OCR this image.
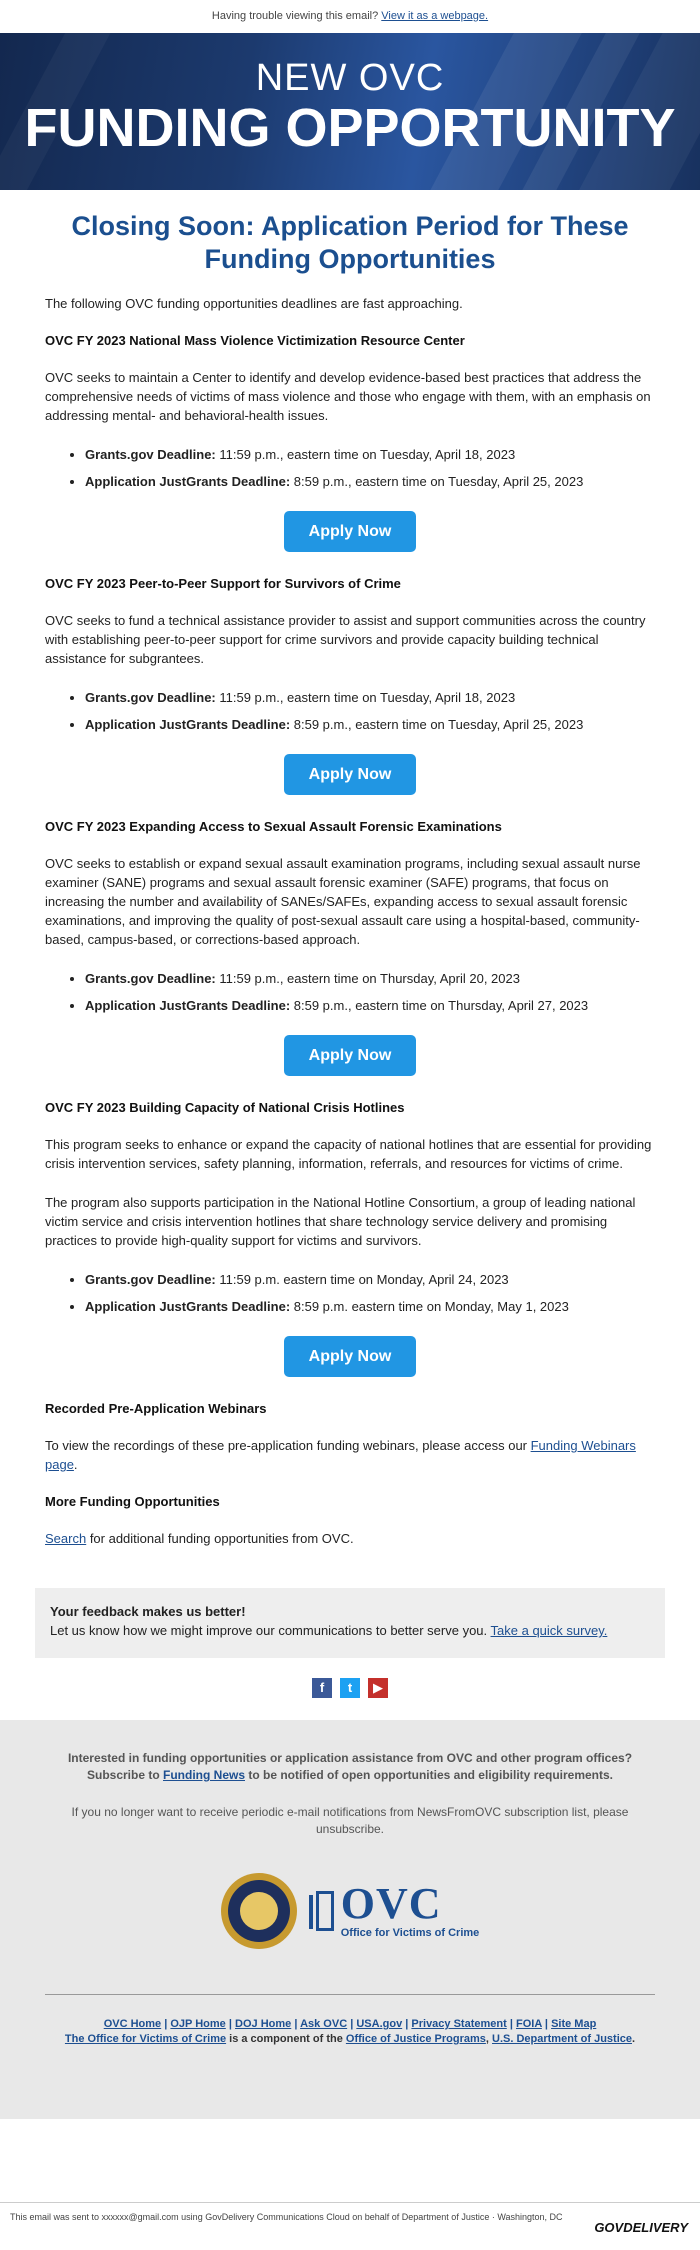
Having trouble viewing this email? View it as a webpage.
NEW OVC
FUNDING OPPORTUNITY
Closing Soon: Application Period for These Funding Opportunities

The following OVC funding opportunities deadlines are fast approaching.

OVC FY 2023 National Mass Violence Victimization Resource Center

OVC seeks to maintain a Center to identify and develop evidence-based best practices that address the comprehensive needs of victims of mass violence and those who engage with them, with an emphasis on addressing mental- and behavioral-health issues.

• Grants.gov Deadline: 11:59 p.m., eastern time on Tuesday, April 18, 2023
• Application JustGrants Deadline: 8:59 p.m., eastern time on Tuesday, April 25, 2023
Apply Now
OVC FY 2023 Peer-to-Peer Support for Survivors of Crime

OVC seeks to fund a technical assistance provider to assist and support communities across the country with establishing peer-to-peer support for crime survivors and provide capacity building technical assistance for subgrantees.

• Grants.gov Deadline: 11:59 p.m., eastern time on Tuesday, April 18, 2023
• Application JustGrants Deadline: 8:59 p.m., eastern time on Tuesday, April 25, 2023
Apply Now
OVC FY 2023 Expanding Access to Sexual Assault Forensic Examinations

OVC seeks to establish or expand sexual assault examination programs, including sexual assault nurse examiner (SANE) programs and sexual assault forensic examiner (SAFE) programs, that focus on increasing the number and availability of SANEs/SAFEs, expanding access to sexual assault forensic examinations, and improving the quality of post-sexual assault care using a hospital-based, community-based, campus-based, or corrections-based approach.

• Grants.gov Deadline: 11:59 p.m., eastern time on Thursday, April 20, 2023
• Application JustGrants Deadline: 8:59 p.m., eastern time on Thursday, April 27, 2023
Apply Now
OVC FY 2023 Building Capacity of National Crisis Hotlines

This program seeks to enhance or expand the capacity of national hotlines that are essential for providing crisis intervention services, safety planning, information, referrals, and resources for victims of crime.

The program also supports participation in the National Hotline Consortium, a group of leading national victim service and crisis intervention hotlines that share technology service delivery and promising practices to provide high-quality support for victims and survivors.

• Grants.gov Deadline: 11:59 p.m. eastern time on Monday, April 24, 2023
• Application JustGrants Deadline: 8:59 p.m. eastern time on Monday, May 1, 2023
Apply Now
Recorded Pre-Application Webinars

To view the recordings of these pre-application funding webinars, please access our Funding Webinars page.

More Funding Opportunities

Search for additional funding opportunities from OVC.

Your feedback makes us better!

Let us know how we might improve our communications to better serve you. Take a quick survey.

f t ▶
Interested in funding opportunities or application assistance from OVC and other program offices?
Subscribe to Funding News to be notified of open opportunities and eligibility requirements.
If you no longer want to receive periodic e-mail notifications from NewsFromOVC subscription list, please unsubscribe.
OVC
Office for Victims of Crime
OVC Home | OJP Home | DOJ Home | Ask OVC | USA.gov | Privacy Statement | FOIA | Site Map
The Office for Victims of Crime is a component of the Office of Justice Programs, U.S. Department of Justice.
This email was sent to xxxxxx@gmail.com using GovDelivery Communications Cloud on behalf of Department of Justice · Washington, DC
GOVDELIVERY
